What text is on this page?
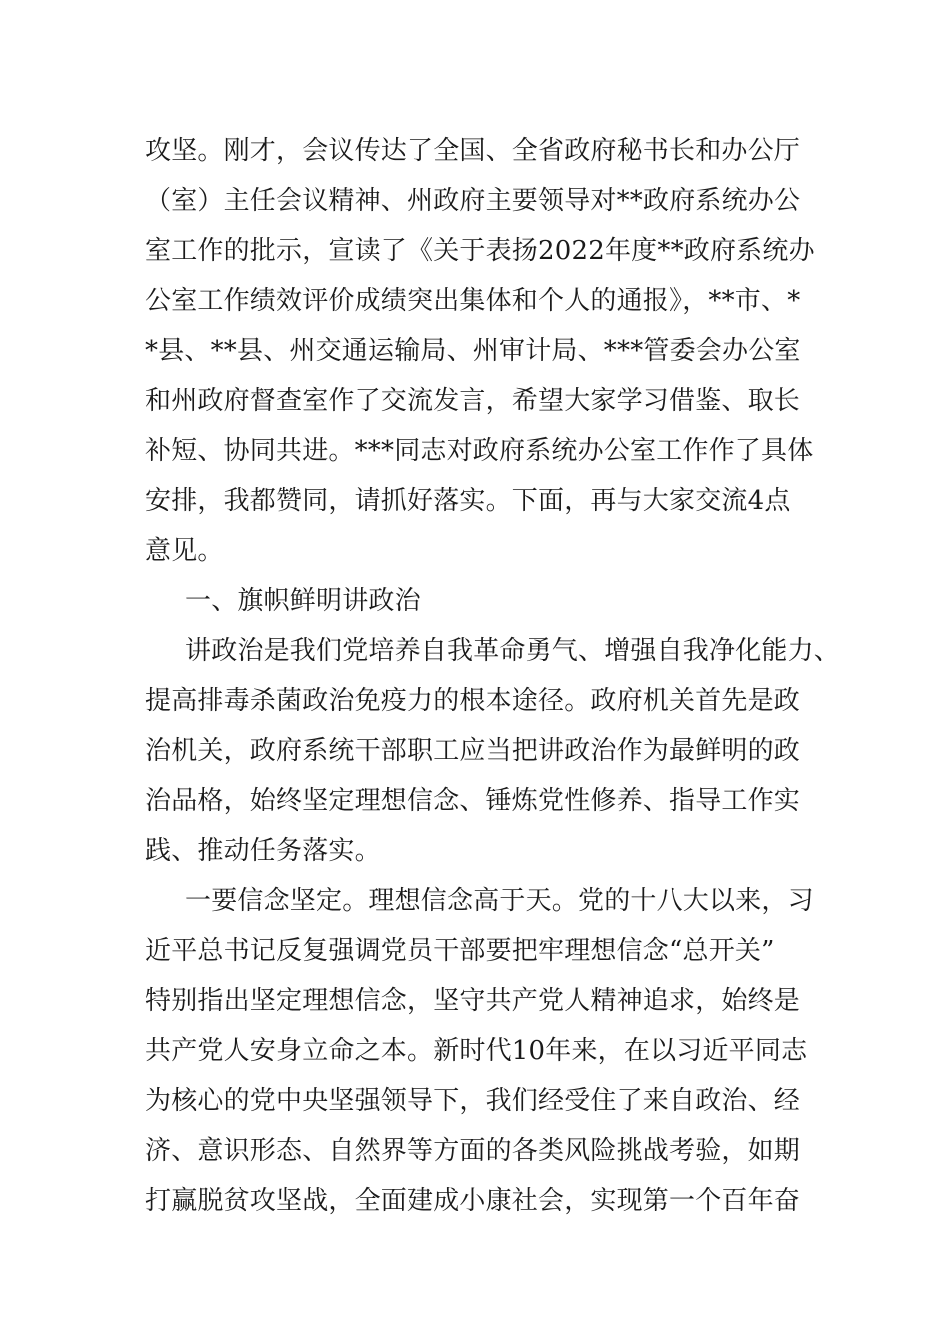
攻坚。刚才，会议传达了全国、全省政府秘书长和办公厅
（室）主任会议精神、州政府主要领导对**政府系统办公
室工作的批示，宣读了《关于表扬2022年度**政府系统办
公室工作绩效评价成绩突出集体和个人的通报》，**市、*
*县、**县、州交通运输局、州审计局、***管委会办公室
和州政府督查室作了交流发言，希望大家学习借鉴、取长
补短、协同共进。***同志对政府系统办公室工作作了具体
安排，我都赞同，请抓好落实。下面，再与大家交流4点
意见。
一、旗帜鲜明讲政治
讲政治是我们党培养自我革命勇气、增强自我净化能力、
提高排毒杀菌政治免疫力的根本途径。政府机关首先是政
治机关，政府系统干部职工应当把讲政治作为最鲜明的政
治品格，始终坚定理想信念、锤炼党性修养、指导工作实
践、推动任务落实。
一要信念坚定。理想信念高于天。党的十八大以来，习
近平总书记反复强调党员干部要把牢理想信念“总开关”
特别指出坚定理想信念，坚守共产党人精神追求，始终是
共产党人安身立命之本。新时代10年来，在以习近平同志
为核心的党中央坚强领导下，我们经受住了来自政治、经
济、意识形态、自然界等方面的各类风险挑战考验，如期
打赢脱贫攻坚战，全面建成小康社会，实现第一个百年奋
